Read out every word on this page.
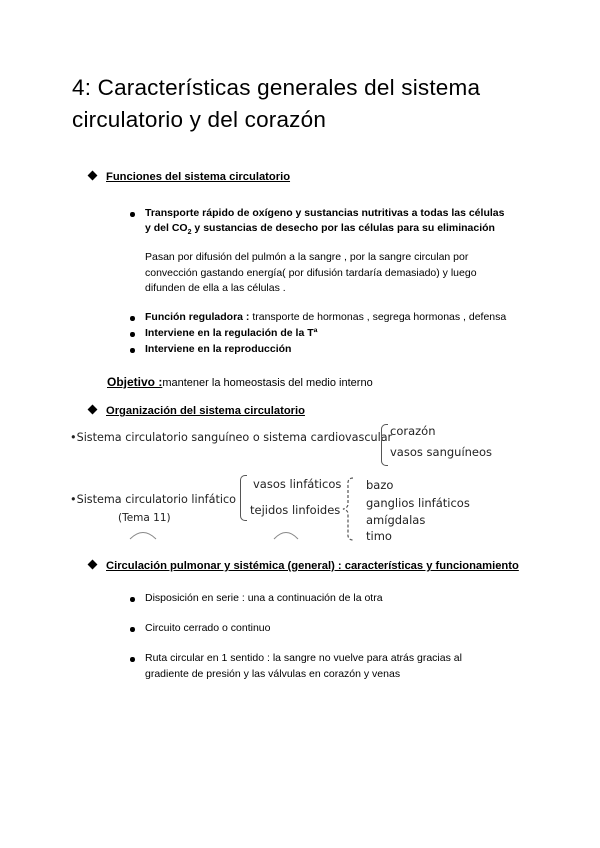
4: Características generales del sistema circulatorio y del corazón
Funciones del sistema circulatorio
Transporte rápido de oxígeno y sustancias nutritivas a todas las células
y del $CO_2$ y sustancias de desecho por las células para su eliminación
Pasan por difusión del pulmón a la sangre , por la sangre circulan por convección gastando energía( por difusión tardaría demasiado) y luego difunden de ella a las células .
Función reguladora : transporte de hormonas , segrega hormonas , defensa
Interviene en la regulación de la Tª
Interviene en la reproducción
Objetivo :mantener la homeostasis del medio interno
Organización del sistema circulatorio
•Sistema circulatorio sanguíneo o sistema cardiovascular
corazón
vasos sanguíneos
•Sistema circulatorio linfático
(Tema 11)
vasos linfáticos
tejidos linfoides
bazo
ganglios linfáticos
amígdalas
timo
Circulación pulmonar y sistémica (general) : características y funcionamiento
Disposición en serie : una a continuación de la otra
Circuito cerrado o continuo
Ruta circular en 1 sentido : la sangre no vuelve para atrás gracias al
gradiente de presión y las válvulas en corazón y venas
